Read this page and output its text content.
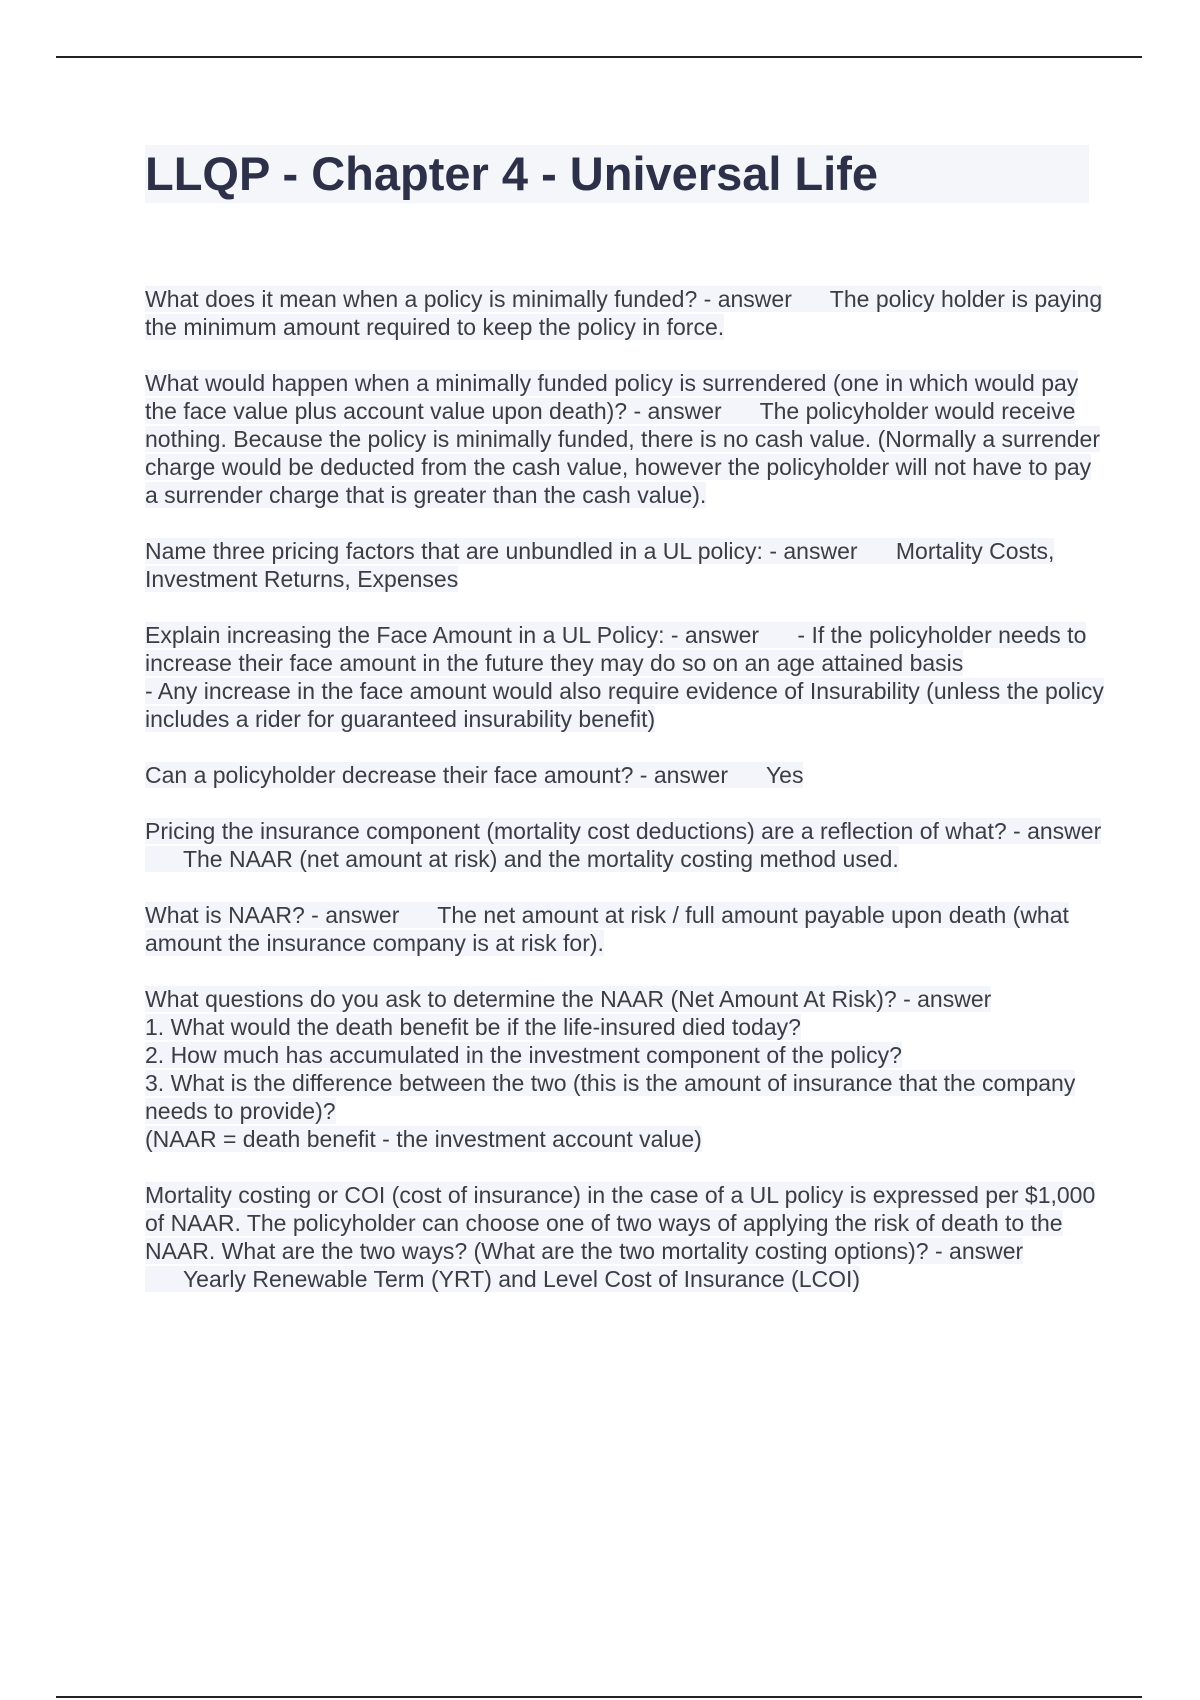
LLQP - Chapter 4 - Universal Life
What does it mean when a policy is minimally funded? - answer The policy holder is paying the minimum amount required to keep the policy in force.
What would happen when a minimally funded policy is surrendered (one in which would pay the face value plus account value upon death)? - answer The policyholder would receive nothing. Because the policy is minimally funded, there is no cash value. (Normally a surrender charge would be deducted from the cash value, however the policyholder will not have to pay a surrender charge that is greater than the cash value).
Name three pricing factors that are unbundled in a UL policy: - answer Mortality Costs, Investment Returns, Expenses
Explain increasing the Face Amount in a UL Policy: - answer - If the policyholder needs to increase their face amount in the future they may do so on an age attained basis
- Any increase in the face amount would also require evidence of Insurability (unless the policy includes a rider for guaranteed insurability benefit)
Can a policyholder decrease their face amount? - answer Yes
Pricing the insurance component (mortality cost deductions) are a reflection of what? - answer      The NAAR (net amount at risk) and the mortality costing method used.
What is NAAR? - answer The net amount at risk / full amount payable upon death (what amount the insurance company is at risk for).
What questions do you ask to determine the NAAR (Net Amount At Risk)? - answer
1. What would the death benefit be if the life-insured died today?
2. How much has accumulated in the investment component of the policy?
3. What is the difference between the two (this is the amount of insurance that the company needs to provide)?
(NAAR = death benefit - the investment account value)
Mortality costing or COI (cost of insurance) in the case of a UL policy is expressed per $1,000 of NAAR. The policyholder can choose one of two ways of applying the risk of death to the NAAR. What are the two ways? (What are the two mortality costing options)? - answer      Yearly Renewable Term (YRT) and Level Cost of Insurance (LCOI)
